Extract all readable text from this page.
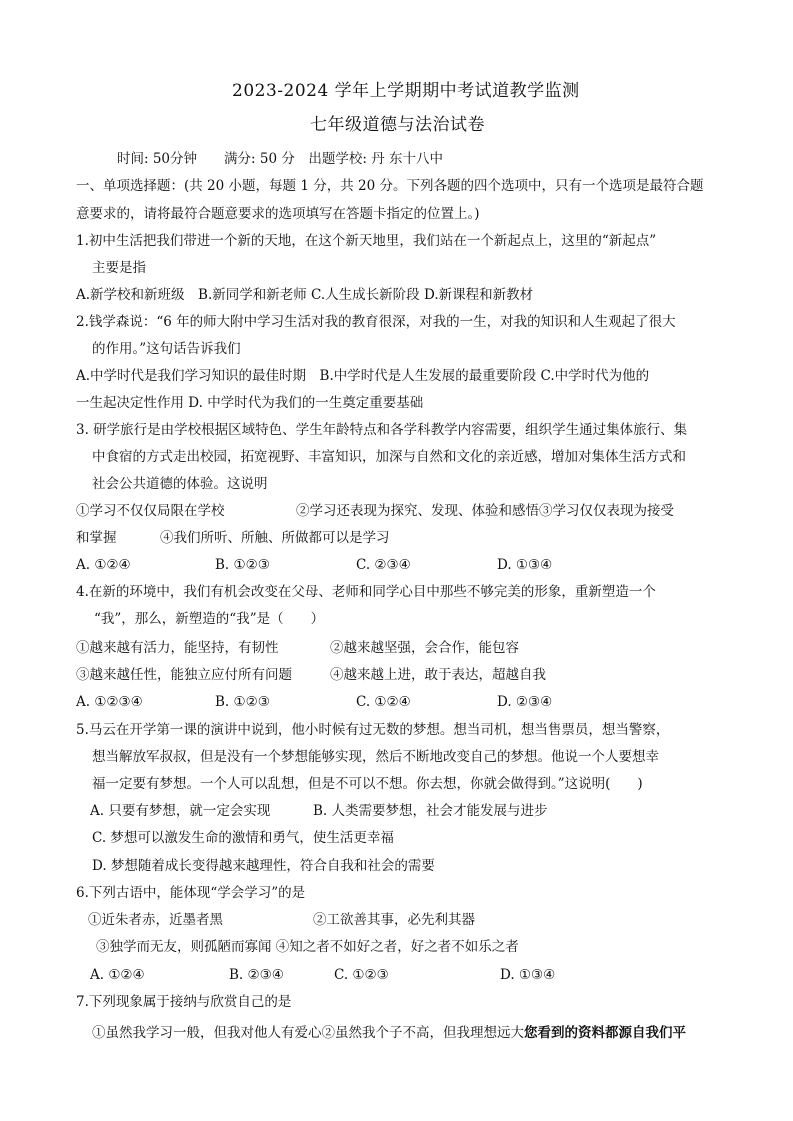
2023-2024 学年上学期期中考试道教学监测
七年级道德与法治试卷
时间: 50分钟　　满分: 50 分　出题学校: 丹 东十八中
一、单项选择题：(共 20 小题，每题 1 分，共 20 分。下列各题的四个选项中，只有一个选项是最符合题
意要求的，请将最符合题意要求的选项填写在答题卡指定的位置上。)
1.初中生活把我们带进一个新的天地，在这个新天地里，我们站在一个新起点上，这里的“新起点”
主要是指
A.新学校和新班级　B.新同学和新老师 C.人生成长新阶段 D.新课程和新教材
2.钱学森说：“6 年的师大附中学习生活对我的教育很深，对我的一生，对我的知识和人生观起了很大
的作用。”这句话告诉我们
A.中学时代是我们学习知识的最佳时期　B.中学时代是人生发展的最重要阶段 C.中学时代为他的
一生起决定性作用 D. 中学时代为我们的一生奠定重要基础
3. 研学旅行是由学校根据区域特色、学生年龄特点和各学科教学内容需要，组织学生通过集体旅行、集
中食宿的方式走出校园，拓宽视野、丰富知识，加深与自然和文化的亲近感，增加对集体生活方式和
社会公共道德的体验。这说明
①学习不仅仅局限在学校	②学习还表现为探究、发现、体验和感悟③学习仅仅表现为接受
和掌握	④我们所听、所触、所做都可以是学习
A. ①②④	B. ①②③	C. ②③④	D. ①③④
4.在新的环境中，我们有机会改变在父母、老师和同学心目中那些不够完美的形象，重新塑造一个
“我”，那么，新塑造的“我”是（　　）
①越来越有活力，能坚持，有韧性	②越来越坚强，会合作，能包容
③越来越任性，能独立应付所有问题	④越来越上进，敢于表达，超越自我
A. ①②③④	B. ①②③	C. ①②④	D. ②③④
5.马云在开学第一课的演讲中说到，他小时候有过无数的梦想。想当司机，想当售票员，想当警察，
想当解放军叔叔，但是没有一个梦想能够实现，然后不断地改变自己的梦想。他说一个人要想幸
福一定要有梦想。一个人可以乱想，但是不可以不想。你去想，你就会做得到。”这说明(　　)
A. 只要有梦想，就一定会实现	B. 人类需要梦想，社会才能发展与进步
C. 梦想可以激发生命的激情和勇气，使生活更幸福
D. 梦想随着成长变得越来越理性，符合自我和社会的需要
6.下列古语中，能体现“学会学习”的是
①近朱者赤，近墨者黑	②工欲善其事，必先利其器
③独学而无友，则孤陋而寡闻 ④知之者不如好之者，好之者不如乐之者
A. ①②④	B. ②③④	C. ①②③	D. ①③④
7.下列现象属于接纳与欣赏自己的是
①虽然我学习一般，但我对他人有爱心②虽然我个子不高，但我理想远大您看到的资料都源自我们平
